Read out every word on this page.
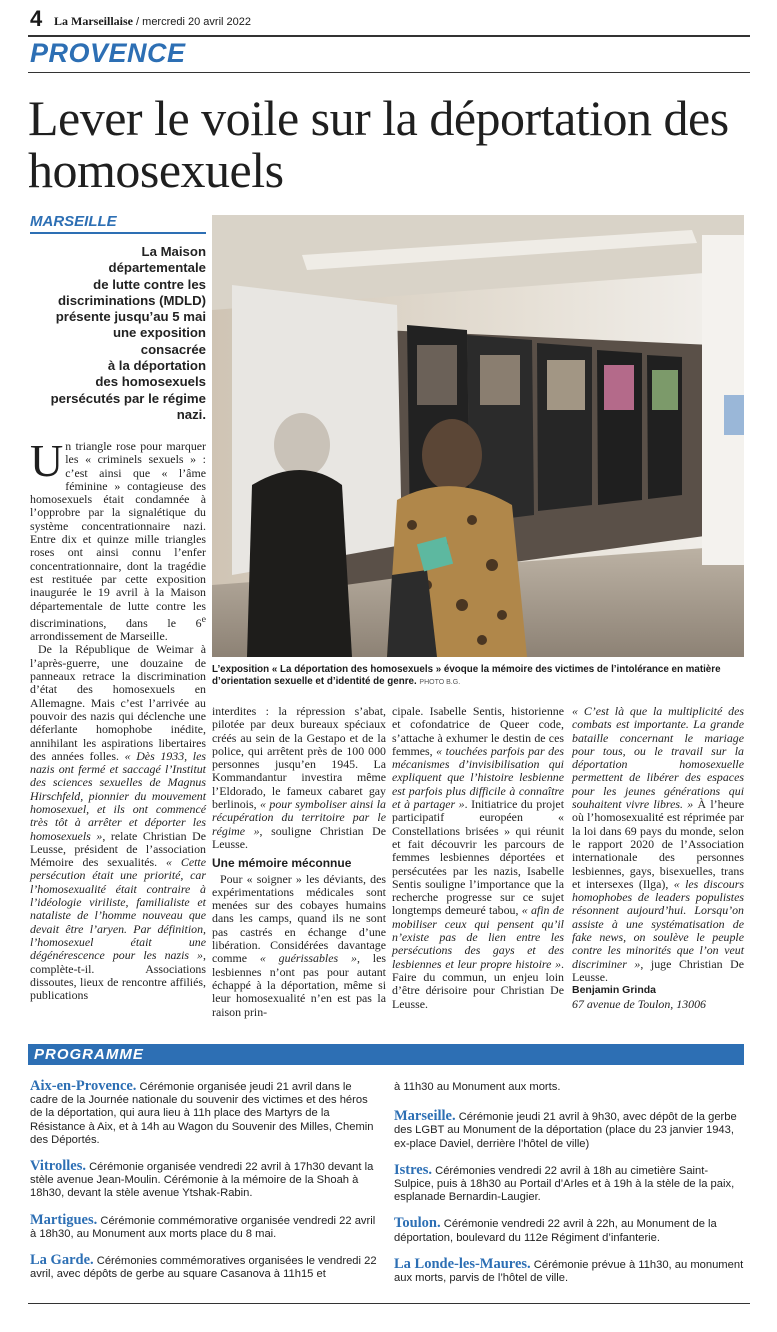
4 La Marseillaise / mercredi 20 avril 2022
PROVENCE
Lever le voile sur la déportation des homosexuels
MARSEILLE
La Maison
départementale
de lutte contre les
discriminations (MDLD)
présente jusqu’au 5 mai
une exposition
consacrée
à la déportation
des homosexuels
persécutés par le régime
nazi.
L’exposition « La déportation des homosexuels » évoque la mémoire des victimes de l’intolérance en matière d’orientation sexuelle et d’identité de genre. PHOTO B.G.

Un triangle rose pour marquer les « criminels sexuels » : c’est ainsi que « l’âme féminine » contagieuse des homosexuels était condamnée à l’opprobre par la signalétique du système concentrationnaire nazi. Entre dix et quinze mille triangles roses ont ainsi connu l’enfer concentrationnaire, dont la tragédie est restituée par cette exposition inaugurée le 19 avril à la Maison départementale de lutte contre les discriminations, dans le 6e arrondissement de Marseille.

De la République de Weimar à l’après-guerre, une douzaine de panneaux retrace la discrimination d’état des homosexuels en Allemagne. Mais c’est l’arrivée au pouvoir des nazis qui déclenche une déferlante homophobe inédite, annihilant les aspirations libertaires des années folles. « Dès 1933, les nazis ont fermé et saccagé l’Institut des sciences sexuelles de Magnus Hirschfeld, pionnier du mouvement homosexuel, et ils ont commencé très tôt à arrêter et déporter les homosexuels », relate Christian De Leusse, président de l’association Mémoire des sexualités. « Cette persécution était une priorité, car l’homosexualité était contraire à l’idéologie viriliste, familialiste et nataliste de l’homme nouveau que devait être l’aryen. Par définition, l’homosexuel était une dégénérescence pour les nazis », complète-t-il. Associations dissoutes, lieux de rencontre affiliés, publications

interdites : la répression s’abat, pilotée par deux bureaux spéciaux créés au sein de la Gestapo et de la police, qui arrêtent près de 100 000 personnes jusqu’en 1945. La Kommandantur investira même l’Eldorado, le fameux cabaret gay berlinois, « pour symboliser ainsi la récupération du territoire par le régime », souligne Christian De Leusse.

Une mémoire méconnue

Pour « soigner » les déviants, des expérimentations médicales sont menées sur des cobayes humains dans les camps, quand ils ne sont pas castrés en échange d’une libération. Considérées davantage comme « guérissables », les lesbiennes n’ont pas pour autant échappé à la déportation, même si leur homosexualité n’en est pas la raison prin-

cipale. Isabelle Sentis, historienne et cofondatrice de Queer code, s’attache à exhumer le destin de ces femmes, « touchées parfois par des mécanismes d’invisibilisation qui expliquent que l’histoire lesbienne est parfois plus difficile à connaître et à partager ». Initiatrice du projet participatif européen « Constellations brisées » qui réunit et fait découvrir les parcours de femmes lesbiennes déportées et persécutées par les nazis, Isabelle Sentis souligne l’importance que la recherche progresse sur ce sujet longtemps demeuré tabou, « afin de mobiliser ceux qui pensent qu’il n’existe pas de lien entre les persécutions des gays et des lesbiennes et leur propre histoire ». Faire du commun, un enjeu loin d’être dérisoire pour Christian De Leusse.

« C’est là que la multiplicité des combats est importante. La grande bataille concernant le mariage pour tous, ou le travail sur la déportation homosexuelle permettent de libérer des espaces pour les jeunes générations qui souhaitent vivre libres. » À l’heure où l’homosexualité est réprimée par la loi dans 69 pays du monde, selon le rapport 2020 de l’Association internationale des personnes lesbiennes, gays, bisexuelles, trans et intersexes (Ilga), « les discours homophobes de leaders populistes résonnent aujourd’hui. Lorsqu’on assiste à une systématisation de fake news, on soulève le peuple contre les minorités que l’on veut discriminer », juge Christian De Leusse.

Benjamin Grinda
67 avenue de Toulon, 13006
PROGRAMME
Aix-en-Provence. Cérémonie organisée jeudi 21 avril dans le cadre de la Journée nationale du souvenir des victimes et des héros de la déportation, qui aura lieu à 11h place des Martyrs de la Résistance à Aix, et à 14h au Wagon du Souvenir des Milles, Chemin des Déportés.
Vitrolles. Cérémonie organisée vendredi 22 avril à 17h30 devant la stèle avenue Jean-Moulin. Cérémonie à la mémoire de la Shoah à 18h30, devant la stèle avenue Ytshak-Rabin.
Martigues. Cérémonie commémorative organisée vendredi 22 avril à 18h30, au Monument aux morts place du 8 mai.
La Garde. Cérémonies commémoratives organisées le vendredi 22 avril, avec dépôts de gerbe au square Casanova à 11h15 et
à 11h30 au Monument aux morts.
Marseille. Cérémonie jeudi 21 avril à 9h30, avec dépôt de la gerbe des LGBT au Monument de la déportation (place du 23 janvier 1943, ex-place Daviel, derrière l’hôtel de ville)
Istres. Cérémonies vendredi 22 avril à 18h au cimetière Saint-Sulpice, puis à 18h30 au Portail d’Arles et à 19h à la stèle de la paix, esplanade Bernardin-Laugier.
Toulon. Cérémonie vendredi 22 avril à 22h, au Monument de la déportation, boulevard du 112e Régiment d’infanterie.
La Londe-les-Maures. Cérémonie prévue à 11h30, au monument aux morts, parvis de l’hôtel de ville.
